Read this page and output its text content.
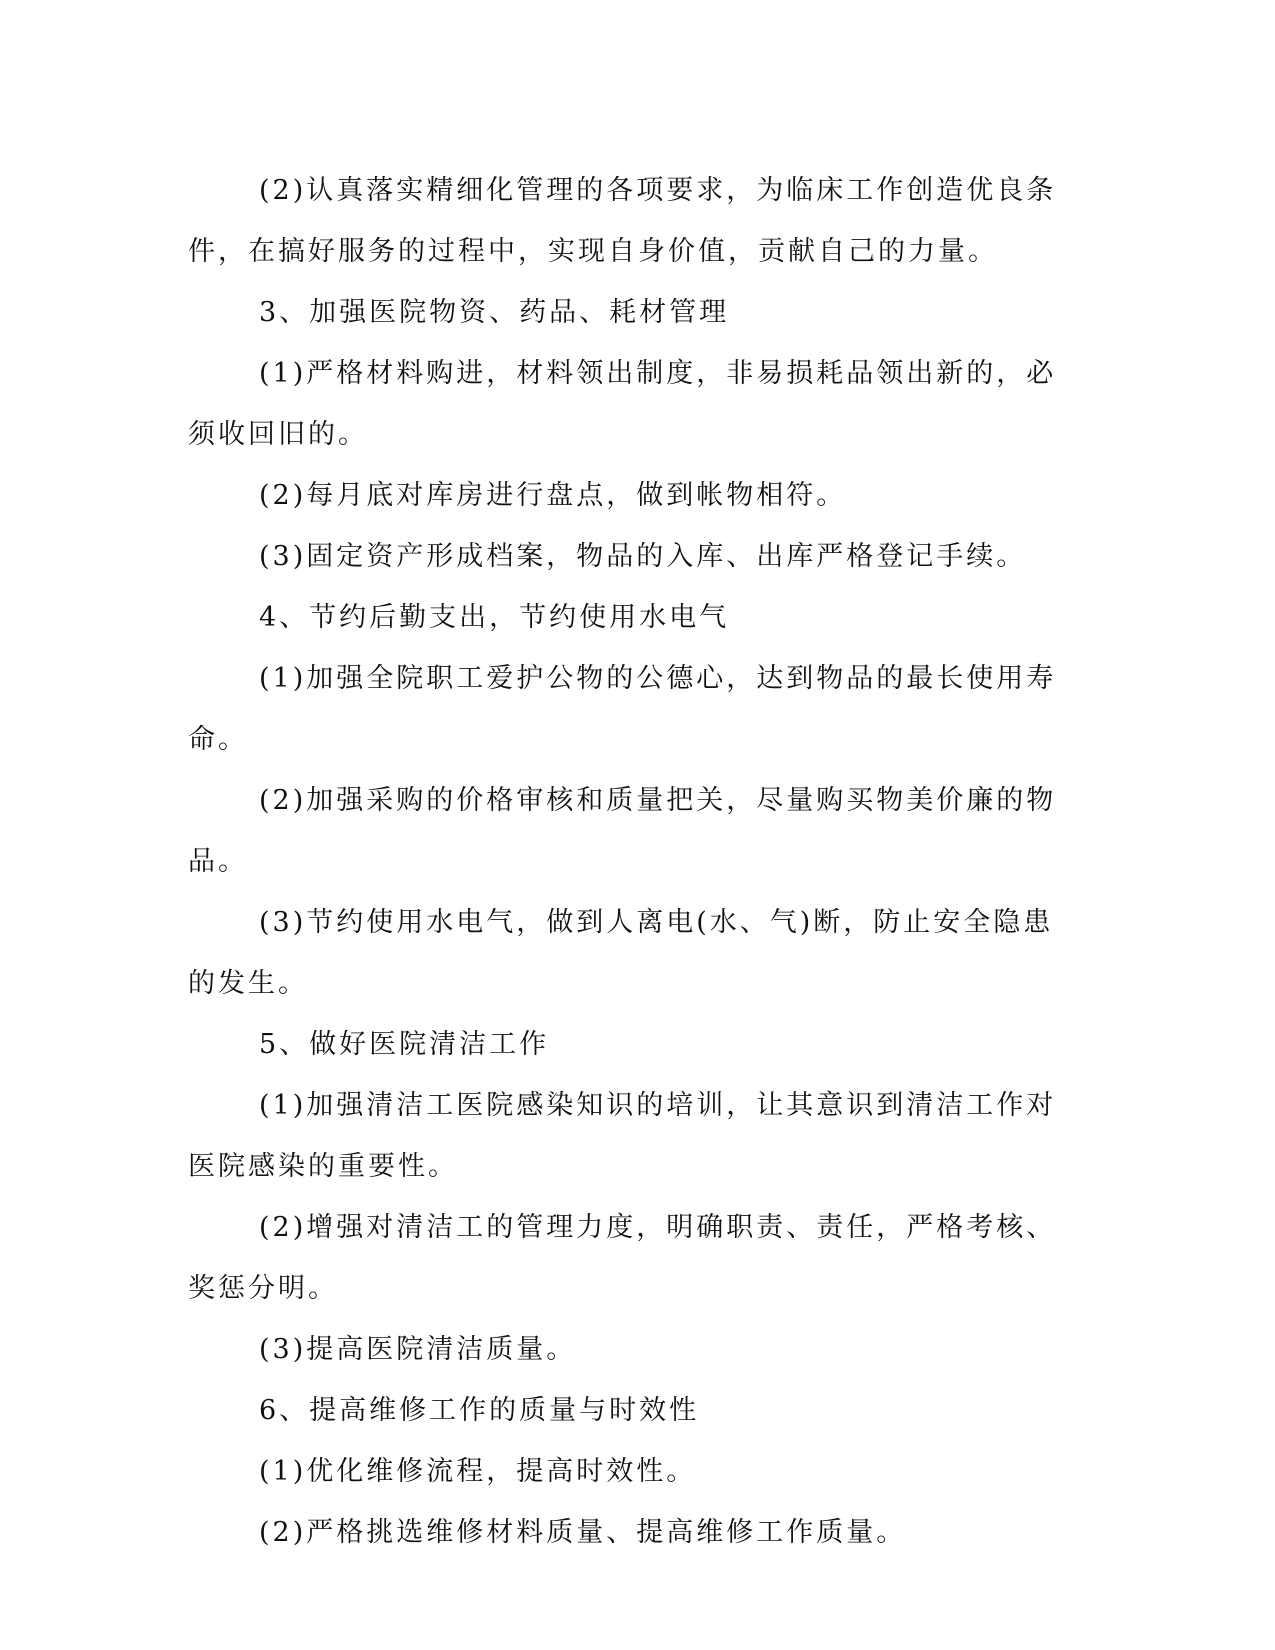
(2)认真落实精细化管理的各项要求，为临床工作创造优良条件，在搞好服务的过程中，实现自身价值，贡献自己的力量。

3、加强医院物资、药品、耗材管理

(1)严格材料购进，材料领出制度，非易损耗品领出新的，必须收回旧的。

(2)每月底对库房进行盘点，做到帐物相符。

(3)固定资产形成档案，物品的入库、出库严格登记手续。

4、节约后勤支出，节约使用水电气

(1)加强全院职工爱护公物的公德心，达到物品的最长使用寿命。

(2)加强采购的价格审核和质量把关，尽量购买物美价廉的物品。

(3)节约使用水电气，做到人离电(水、气)断，防止安全隐患的发生。

5、做好医院清洁工作

(1)加强清洁工医院感染知识的培训，让其意识到清洁工作对医院感染的重要性。

(2)增强对清洁工的管理力度，明确职责、责任，严格考核、奖惩分明。

(3)提高医院清洁质量。

6、提高维修工作的质量与时效性

(1)优化维修流程，提高时效性。

(2)严格挑选维修材料质量、提高维修工作质量。
